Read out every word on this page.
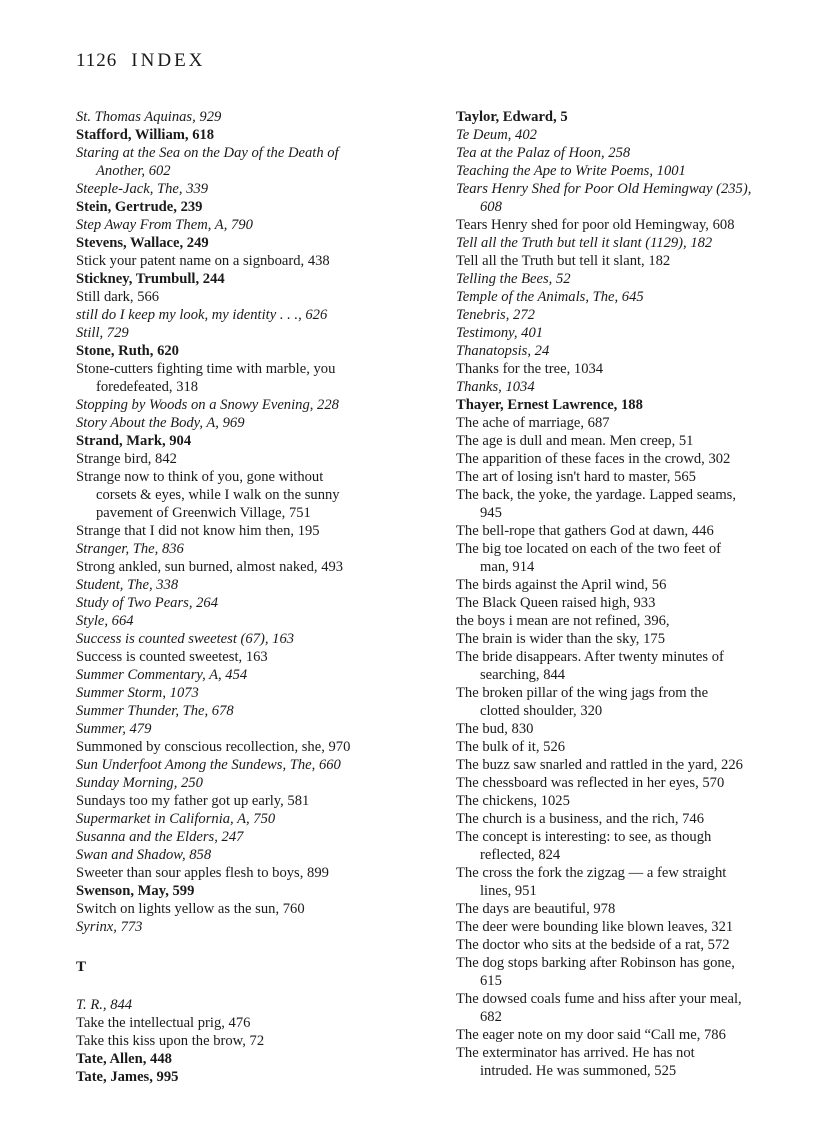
1126 INDEX
St. Thomas Aquinas, 929
Stafford, William, 618
Staring at the Sea on the Day of the Death of
Another, 602
Steeple-Jack, The, 339
Stein, Gertrude, 239
Step Away From Them, A, 790
Stevens, Wallace, 249
Stick your patent name on a signboard, 438
Stickney, Trumbull, 244
Still dark, 566
still do I keep my look, my identity . . ., 626
Still, 729
Stone, Ruth, 620
Stone-cutters fighting time with marble, you
foredefeated, 318
Stopping by Woods on a Snowy Evening, 228
Story About the Body, A, 969
Strand, Mark, 904
Strange bird, 842
Strange now to think of you, gone without
corsets & eyes, while I walk on the sunny
pavement of Greenwich Village, 751
Strange that I did not know him then, 195
Stranger, The, 836
Strong ankled, sun burned, almost naked, 493
Student, The, 338
Study of Two Pears, 264
Style, 664
Success is counted sweetest (67), 163
Success is counted sweetest, 163
Summer Commentary, A, 454
Summer Storm, 1073
Summer Thunder, The, 678
Summer, 479
Summoned by conscious recollection, she, 970
Sun Underfoot Among the Sundews, The, 660
Sunday Morning, 250
Sundays too my father got up early, 581
Supermarket in California, A, 750
Susanna and the Elders, 247
Swan and Shadow, 858
Sweeter than sour apples flesh to boys, 899
Swenson, May, 599
Switch on lights yellow as the sun, 760
Syrinx, 773
T
T. R., 844
Take the intellectual prig, 476
Take this kiss upon the brow, 72
Tate, Allen, 448
Tate, James, 995
Taylor, Edward, 5
Te Deum, 402
Tea at the Palaz of Hoon, 258
Teaching the Ape to Write Poems, 1001
Tears Henry Shed for Poor Old Hemingway (235),
608
Tears Henry shed for poor old Hemingway, 608
Tell all the Truth but tell it slant (1129), 182
Tell all the Truth but tell it slant, 182
Telling the Bees, 52
Temple of the Animals, The, 645
Tenebris, 272
Testimony, 401
Thanatopsis, 24
Thanks for the tree, 1034
Thanks, 1034
Thayer, Ernest Lawrence, 188
The ache of marriage, 687
The age is dull and mean. Men creep, 51
The apparition of these faces in the crowd, 302
The art of losing isn't hard to master, 565
The back, the yoke, the yardage. Lapped seams,
945
The bell-rope that gathers God at dawn, 446
The big toe located on each of the two feet of
man, 914
The birds against the April wind, 56
The Black Queen raised high, 933
the boys i mean are not refined, 396,
The brain is wider than the sky, 175
The bride disappears. After twenty minutes of
searching, 844
The broken pillar of the wing jags from the
clotted shoulder, 320
The bud, 830
The bulk of it, 526
The buzz saw snarled and rattled in the yard, 226
The chessboard was reflected in her eyes, 570
The chickens, 1025
The church is a business, and the rich, 746
The concept is interesting: to see, as though
reflected, 824
The cross the fork the zigzag — a few straight
lines, 951
The days are beautiful, 978
The deer were bounding like blown leaves, 321
The doctor who sits at the bedside of a rat, 572
The dog stops barking after Robinson has gone,
615
The dowsed coals fume and hiss after your meal,
682
The eager note on my door said “Call me, 786
The exterminator has arrived. He has not
intruded. He was summoned, 525
